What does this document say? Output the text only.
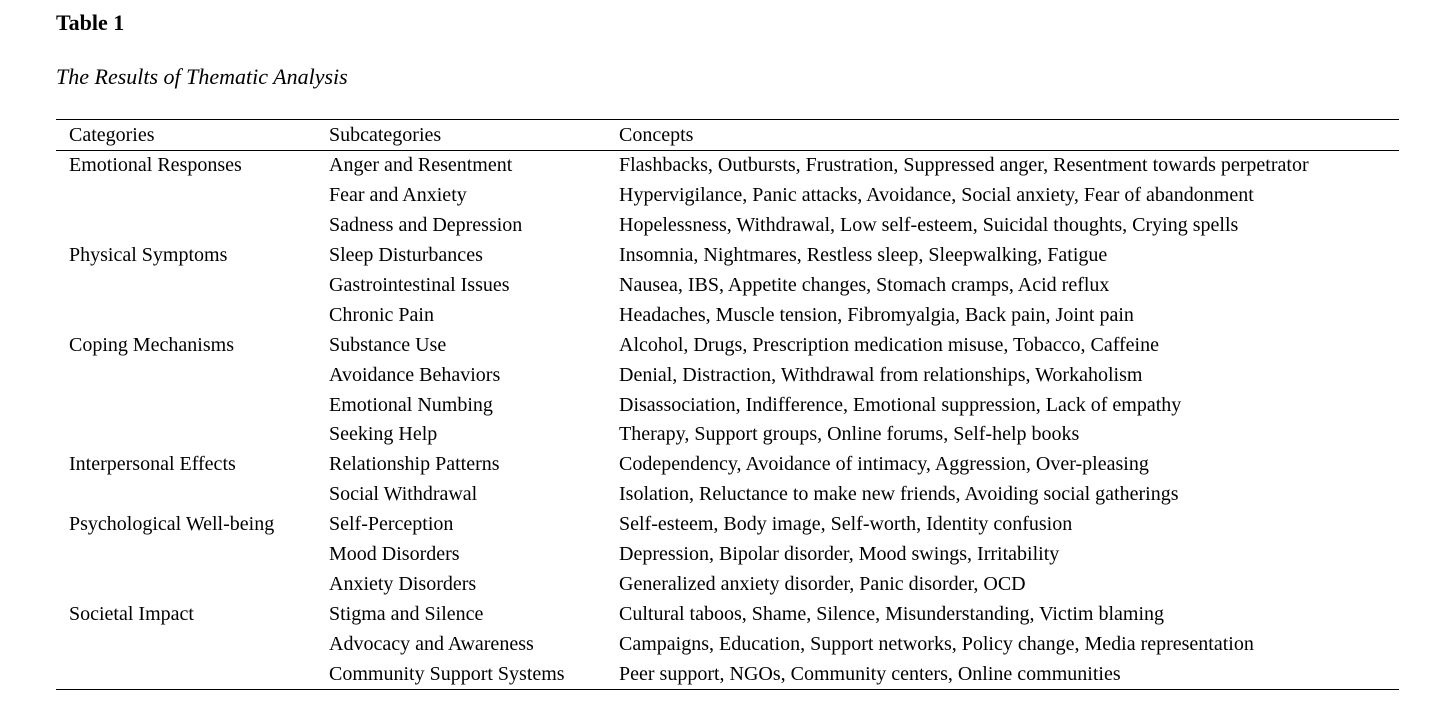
Table 1

The Results of Thematic Analysis

Categories	Subcategories	Concepts
Emotional Responses	Anger and Resentment	Flashbacks, Outbursts, Frustration, Suppressed anger, Resentment towards perpetrator
	Fear and Anxiety	Hypervigilance, Panic attacks, Avoidance, Social anxiety, Fear of abandonment
	Sadness and Depression	Hopelessness, Withdrawal, Low self-esteem, Suicidal thoughts, Crying spells
Physical Symptoms	Sleep Disturbances	Insomnia, Nightmares, Restless sleep, Sleepwalking, Fatigue
	Gastrointestinal Issues	Nausea, IBS, Appetite changes, Stomach cramps, Acid reflux
	Chronic Pain	Headaches, Muscle tension, Fibromyalgia, Back pain, Joint pain
Coping Mechanisms	Substance Use	Alcohol, Drugs, Prescription medication misuse, Tobacco, Caffeine
	Avoidance Behaviors	Denial, Distraction, Withdrawal from relationships, Workaholism
	Emotional Numbing	Disassociation, Indifference, Emotional suppression, Lack of empathy
	Seeking Help	Therapy, Support groups, Online forums, Self-help books
Interpersonal Effects	Relationship Patterns	Codependency, Avoidance of intimacy, Aggression, Over-pleasing
	Social Withdrawal	Isolation, Reluctance to make new friends, Avoiding social gatherings
Psychological Well-being	Self-Perception	Self-esteem, Body image, Self-worth, Identity confusion
	Mood Disorders	Depression, Bipolar disorder, Mood swings, Irritability
	Anxiety Disorders	Generalized anxiety disorder, Panic disorder, OCD
Societal Impact	Stigma and Silence	Cultural taboos, Shame, Silence, Misunderstanding, Victim blaming
	Advocacy and Awareness	Campaigns, Education, Support networks, Policy change, Media representation
	Community Support Systems	Peer support, NGOs, Community centers, Online communities
